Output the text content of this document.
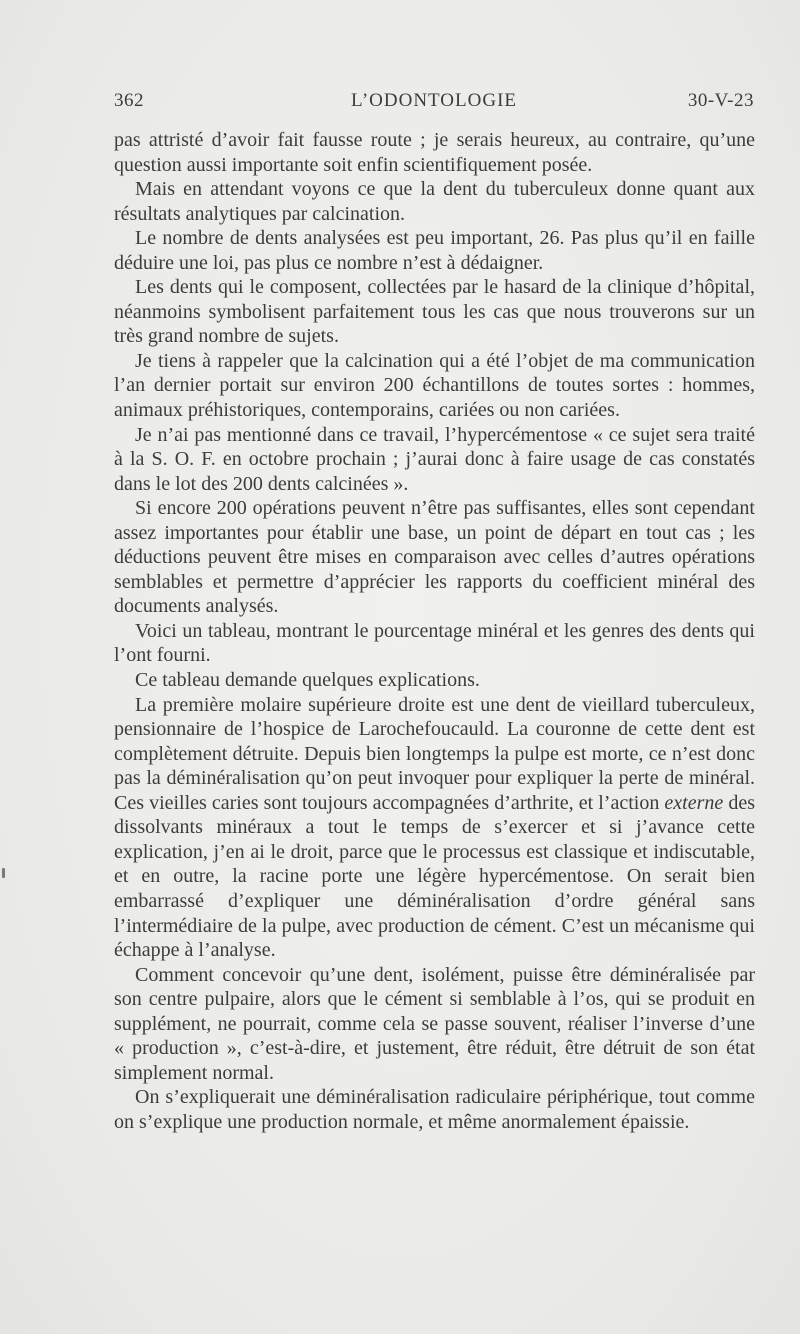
362	L’ODONTOLOGIE	30-V-23

pas attristé d’avoir fait fausse route ; je serais heureux, au contraire, qu’une question aussi importante soit enfin scientifiquement posée.

Mais en attendant voyons ce que la dent du tuberculeux donne quant aux résultats analytiques par calcination.

Le nombre de dents analysées est peu important, 26. Pas plus qu’il en faille déduire une loi, pas plus ce nombre n’est à dédaigner.

Les dents qui le composent, collectées par le hasard de la clinique d’hôpital, néanmoins symbolisent parfaitement tous les cas que nous trouverons sur un très grand nombre de sujets.

Je tiens à rappeler que la calcination qui a été l’objet de ma communication l’an dernier portait sur environ 200 échantillons de toutes sortes : hommes, animaux préhistoriques, contemporains, cariées ou non cariées.

Je n’ai pas mentionné dans ce travail, l’hypercémentose « ce sujet sera traité à la S. O. F. en octobre prochain ; j’aurai donc à faire usage de cas constatés dans le lot des 200 dents calcinées ».

Si encore 200 opérations peuvent n’être pas suffisantes, elles sont cependant assez importantes pour établir une base, un point de départ en tout cas ; les déductions peuvent être mises en comparaison avec celles d’autres opérations semblables et permettre d’apprécier les rapports du coefficient minéral des documents analysés.

Voici un tableau, montrant le pourcentage minéral et les genres des dents qui l’ont fourni.

Ce tableau demande quelques explications.

La première molaire supérieure droite est une dent de vieillard tuberculeux, pensionnaire de l’hospice de Larochefoucauld. La couronne de cette dent est complètement détruite. Depuis bien longtemps la pulpe est morte, ce n’est donc pas la déminéralisation qu’on peut invoquer pour expliquer la perte de minéral. Ces vieilles caries sont toujours accompagnées d’arthrite, et l’action externe des dissolvants minéraux a tout le temps de s’exercer et si j’avance cette explication, j’en ai le droit, parce que le processus est classique et indiscutable, et en outre, la racine porte une légère hypercémentose. On serait bien embarrassé d’expliquer une déminéralisation d’ordre général sans l’intermédiaire de la pulpe, avec production de cément. C’est un mécanisme qui échappe à l’analyse.

Comment concevoir qu’une dent, isolément, puisse être déminéralisée par son centre pulpaire, alors que le cément si semblable à l’os, qui se produit en supplément, ne pourrait, comme cela se passe souvent, réaliser l’inverse d’une « production », c’est-à-dire, et justement, être réduit, être détruit de son état simplement normal.

On s’expliquerait une déminéralisation radiculaire périphérique, tout comme on s’explique une production normale, et même anormalement épaissie.
